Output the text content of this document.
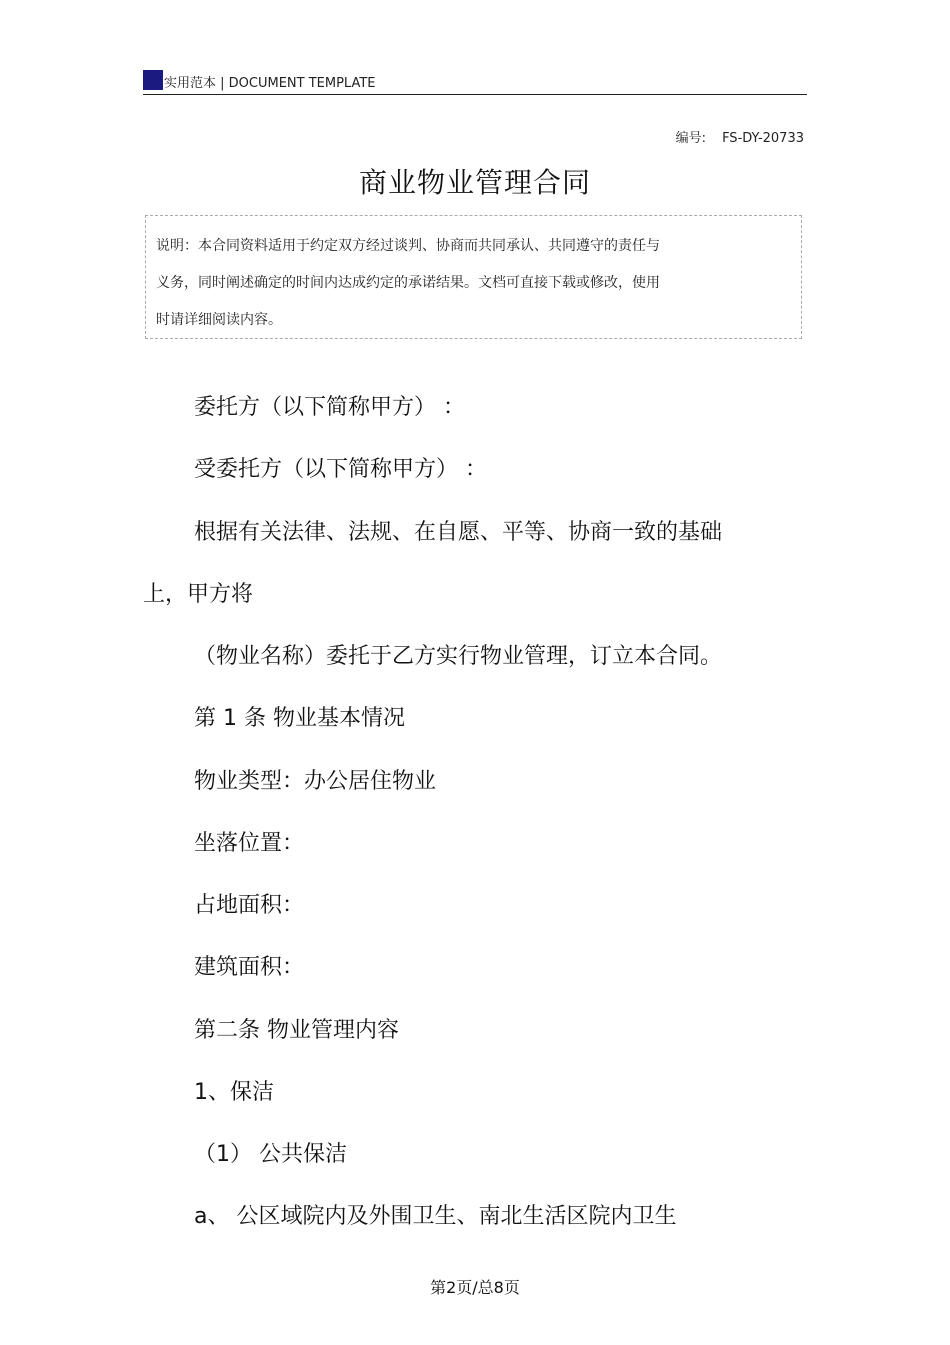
实用范本 | DOCUMENT TEMPLATE
编号: FS-DY-20733
商业物业管理合同

说明：本合同资料适用于约定双方经过谈判、协商而共同承认、共同遵守的责任与

义务，同时阐述确定的时间内达成约定的承诺结果。文档可直接下载或修改，使用

时请详细阅读内容。

委托方（以下简称甲方） ：
受委托方（以下简称甲方） ：
根据有关法律、法规、在自愿、平等、协商一致的基础
上，甲方将
（物业名称）委托于乙方实行物业管理，订立本合同。
第 1 条 物业基本情况
物业类型：办公居住物业
坐落位置：
占地面积：
建筑面积：
第二条 物业管理内容
1、保洁
（1） 公共保洁
a、 公区域院内及外围卫生、南北生活区院内卫生
第2页/总8页
